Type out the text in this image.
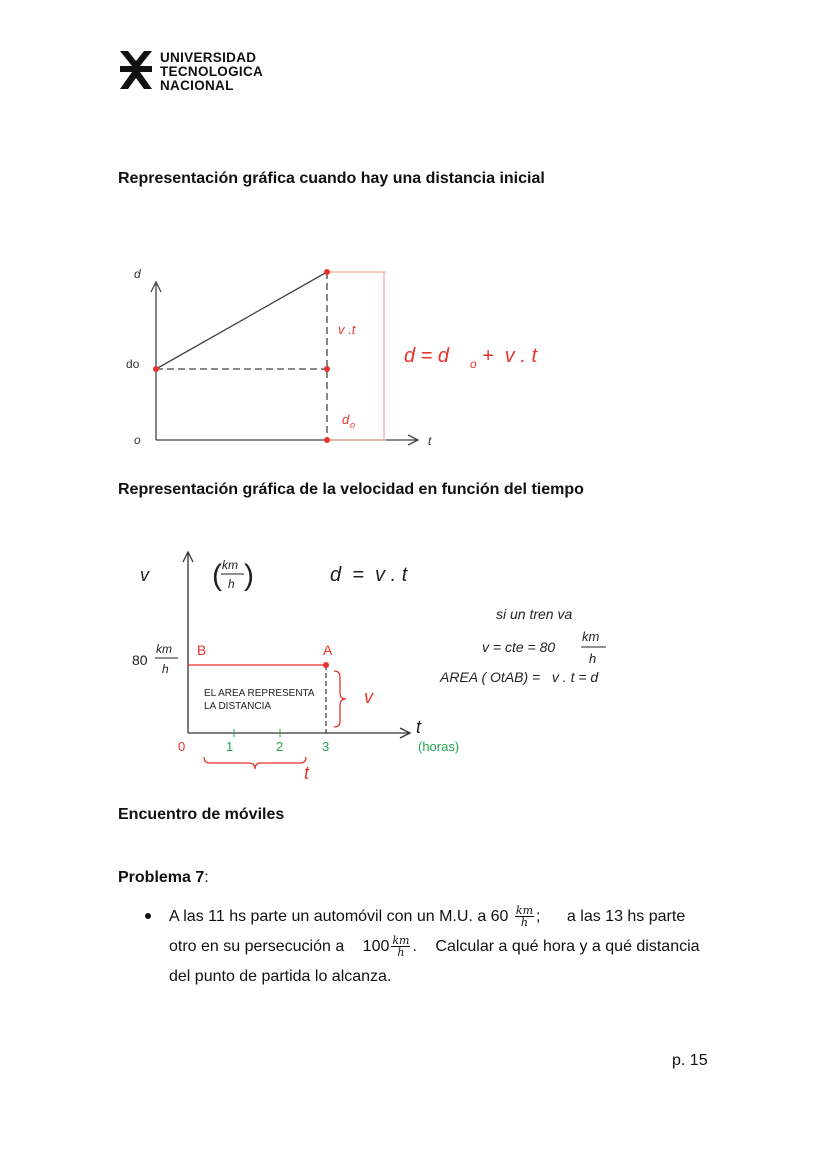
UNIVERSIDAD
TECNOLOGICA
NACIONAL
Representación gráfica cuando hay una distancia inicial
d
do
o	t
v .t
d o
d = d o +  v . t
Representación gráfica de la velocidad en función del tiempo
v ( km
h )	d  =  v . t
80
km
h
B	A
EL AREA REPRESENTA
LA DISTANCIA	v
t
(horas)
0	1	2	3
t
si un tren va
v = cte = 80
km
h
AREA ( OtAB) =   v . t = d
Encuentro de móviles
Problema 7:
A las 11 hs parte un automóvil con un M.U. a $60 \frac{km}{h}$ ; a las 13 hs parte
otro en su persecución a $100 \frac{km}{h}$ . Calcular a qué hora y a qué distancia
del punto de partida lo alcanza.
p. 15
